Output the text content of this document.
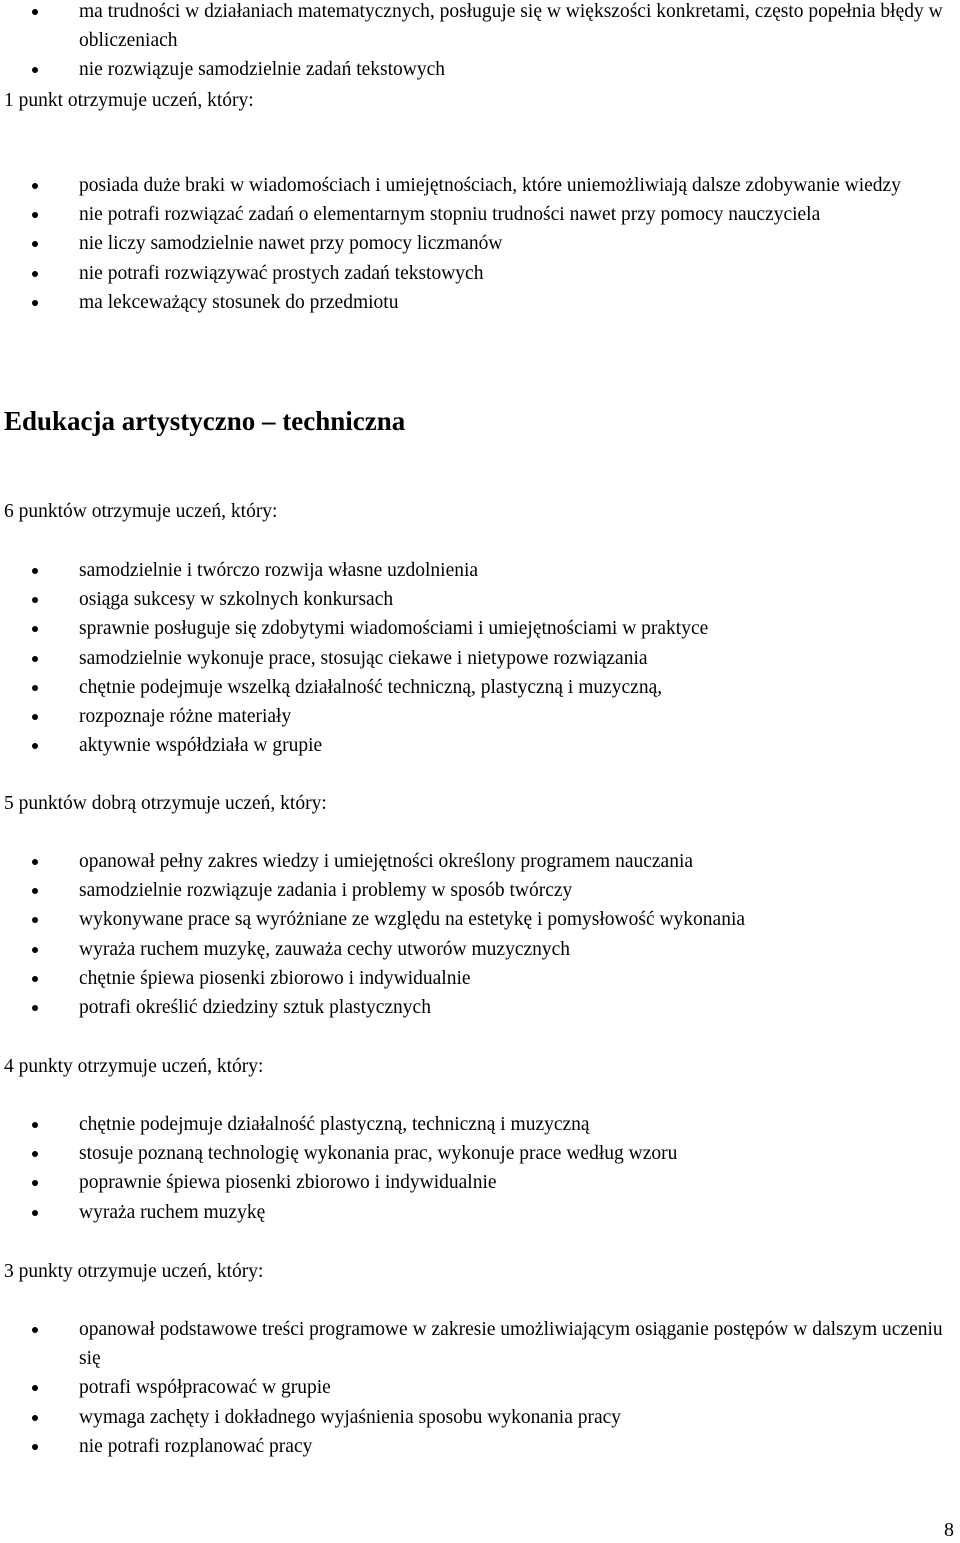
ma trudności w działaniach matematycznych, posługuje się w większości konkretami, często popełnia błędy w obliczeniach
nie rozwiązuje samodzielnie zadań tekstowych
1 punkt otrzymuje uczeń, który:
posiada duże braki w wiadomościach i umiejętnościach, które uniemożliwiają dalsze zdobywanie wiedzy
nie potrafi rozwiązać zadań o elementarnym stopniu trudności nawet przy pomocy nauczyciela
nie liczy samodzielnie nawet przy pomocy liczmanów
nie potrafi rozwiązywać prostych zadań tekstowych
ma lekceważący stosunek do przedmiotu
Edukacja artystyczno – techniczna
6 punktów otrzymuje uczeń, który:
samodzielnie i twórczo rozwija własne uzdolnienia
osiąga sukcesy w szkolnych konkursach
sprawnie posługuje się zdobytymi wiadomościami i umiejętnościami w praktyce
samodzielnie wykonuje prace, stosując ciekawe i nietypowe rozwiązania
chętnie podejmuje wszelką działalność techniczną, plastyczną i muzyczną,
rozpoznaje różne materiały
aktywnie współdziała w grupie
5 punktów dobrą otrzymuje uczeń, który:
opanował pełny zakres wiedzy i umiejętności określony programem nauczania
samodzielnie rozwiązuje zadania i problemy w sposób twórczy
wykonywane prace są wyróżniane ze względu na estetykę i pomysłowość wykonania
wyraża ruchem muzykę, zauważa cechy utworów muzycznych
chętnie śpiewa piosenki zbiorowo i indywidualnie
potrafi określić dziedziny sztuk plastycznych
4 punkty otrzymuje uczeń, który:
chętnie podejmuje działalność plastyczną, techniczną i muzyczną
stosuje poznaną technologię wykonania prac, wykonuje prace według wzoru
poprawnie śpiewa piosenki zbiorowo i indywidualnie
wyraża ruchem muzykę
3 punkty otrzymuje uczeń, który:
opanował podstawowe treści programowe w zakresie umożliwiającym osiąganie postępów w dalszym uczeniu się
potrafi współpracować w grupie
wymaga zachęty i dokładnego wyjaśnienia sposobu wykonania pracy
nie potrafi rozplanować pracy
8
